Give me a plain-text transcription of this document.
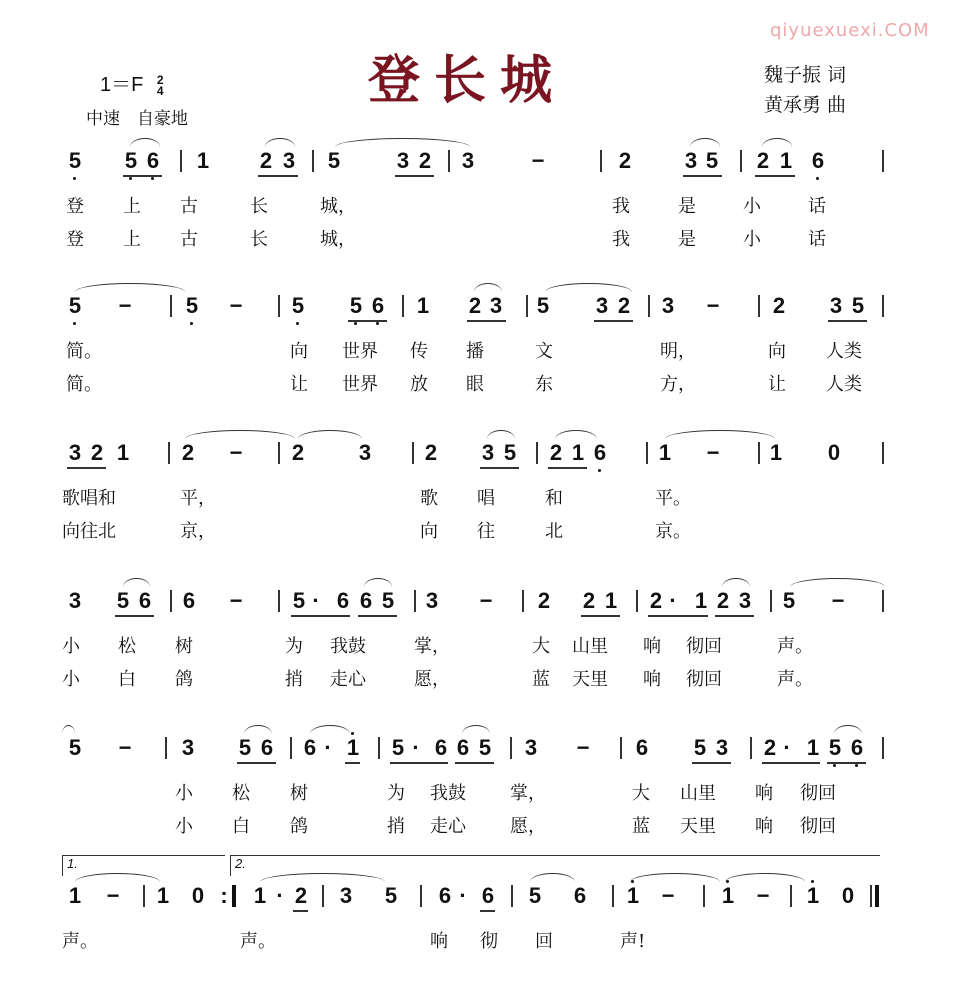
qiyuexuexi.COM
登长城
1＝F 2
4
中速　自豪地
魏子振 词
黄承勇 曲
5 5 6 1 2 3 5	3 2 3	−	2 3 5 2 1 6
登 上 古	长	城，	我	是	小	话
登 上 古	长	城，	我	是	小	话
5 − 5 − 5 5 6 1 2 3 5 3 2 3 − 2 3 5
简。	向 世界 传 播	文	明，	向 人类
简。	让 世界 放 眼	东	方，	让 人类
3 2 1 2 − 2 3 2 3 5 2 1 6 1 − 1 0
歌唱和	平，	歌 唱	和	平。
向往北	京，	向 往	北	京。
3 5 6 6 − 5 · 6 6 5 3 − 2 2 1 2 · 1 2 3 5 −
小 松 树	为 我鼓	掌，	大 山里 响 彻回	声。
小 白 鸽	捎 走心	愿，	蓝 天里 响 彻回	声。
5 − 3 5 6 6 · 1 5 · 6 6 5 3 − 6 5 3 2 · 1 5 6
小 松 树	为 我鼓 掌，	大 山里 响 彻回
小 白 鸽	捎 走心 愿，	蓝 天里 响 彻回
1.	2.
1 − 1 0 : 1 · 2 3 5 6 · 6 5 6 1 − 1 − 1 0
声。	声。	响 彻 回	声!
